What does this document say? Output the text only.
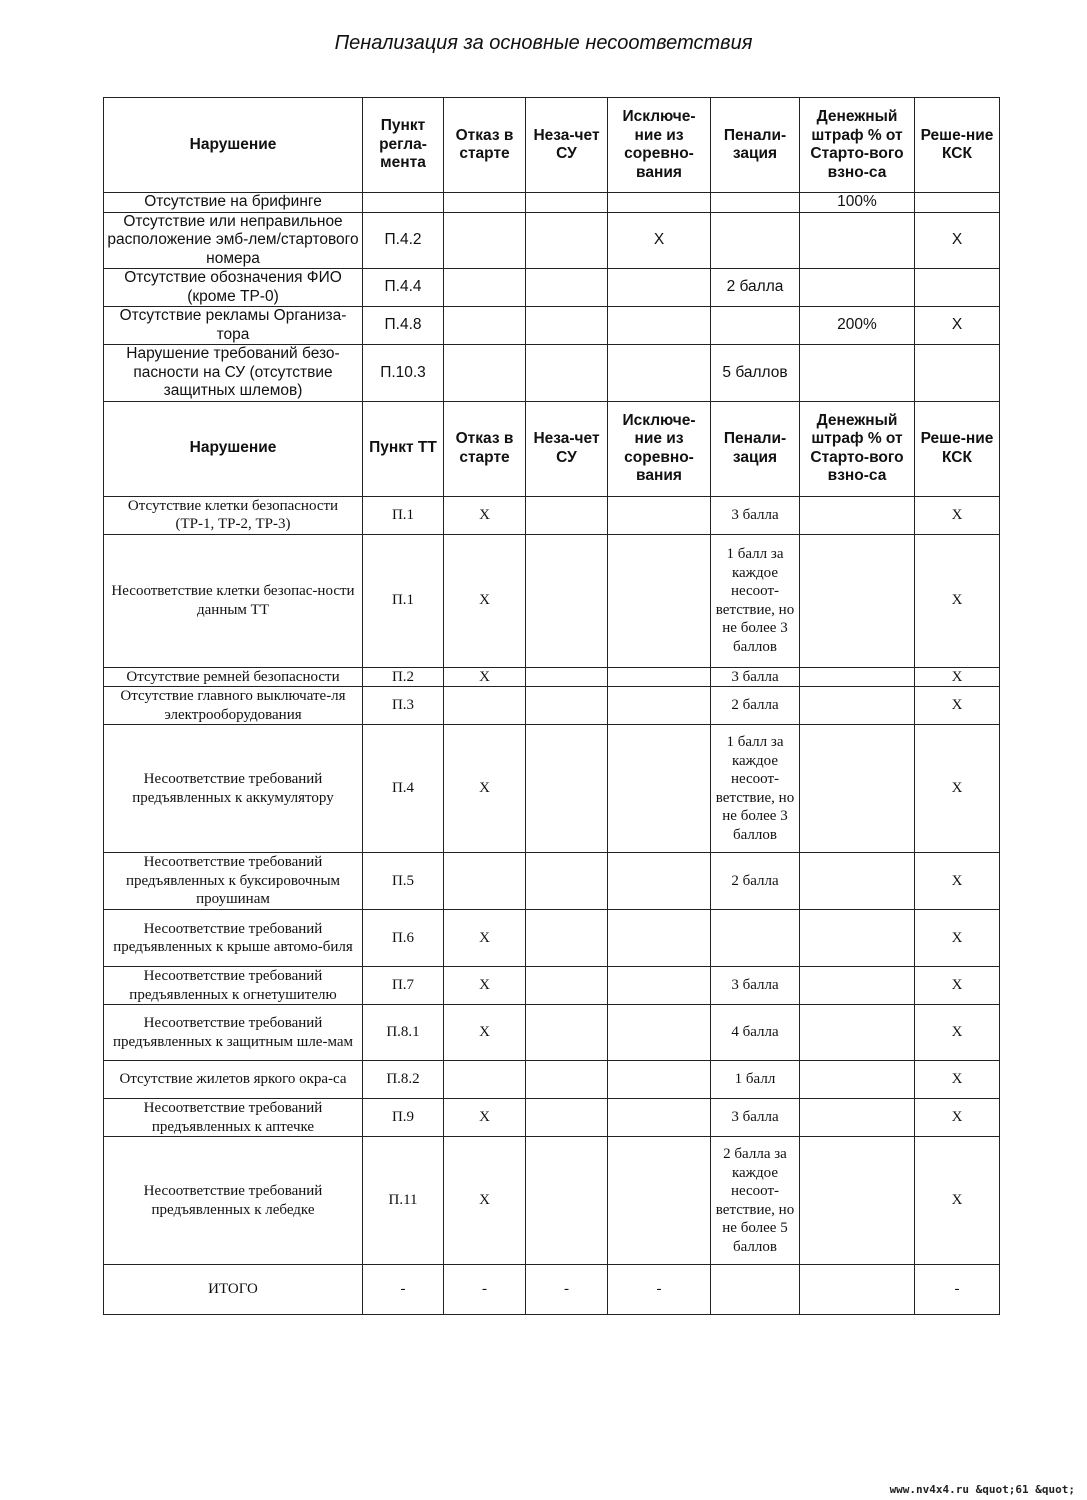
Пенализация за основные несоответствия
Нарушение	Пункт регла-мента	Отказ в старте	Неза-чет СУ	Исключе-ние из соревно-вания	Пенали-зация	Денежный штраф % от Старто-вого взно-са	Реше-ние КСК
Отсутствие на брифинге						100%	
Отсутствие или неправильное расположение эмб-лем/стартового номера	П.4.2			X			X
Отсутствие обозначения ФИО (кроме ТР-0)	П.4.4				2 балла		
Отсутствие рекламы Организа-тора	П.4.8					200%	X
Нарушение требований безо-пасности на СУ (отсутствие защитных шлемов)	П.10.3				5 баллов		
Нарушение	Пункт ТТ	Отказ в старте	Неза-чет СУ	Исключе-ние из соревно-вания	Пенали-зация	Денежный штраф % от Старто-вого взно-са	Реше-ние КСК
Отсутствие клетки безопасности (ТР-1, ТР-2, ТР-3)	П.1	X			3 балла		X
Несоответствие клетки безопас-ности данным ТТ	П.1	X			1 балл за каждое несоот-ветствие, но не более 3 баллов		X
Отсутствие ремней безопасности	П.2	X			3 балла		X
Отсутствие главного выключате-ля электрооборудования	П.3				2 балла		X
Несоответствие требований предъявленных к аккумулятору	П.4	X			1 балл за каждое несоот-ветствие, но не более 3 баллов		X
Несоответствие требований предъявленных к буксировочным проушинам	П.5				2 балла		X
Несоответствие требований предъявленных к крыше автомо-биля	П.6	X					X
Несоответствие требований предъявленных к огнетушителю	П.7	X			3 балла		X
Несоответствие требований предъявленных к защитным шле-мам	П.8.1	X			4 балла		X
Отсутствие жилетов яркого окра-са	П.8.2				1 балл		X
Несоответствие требований предъявленных к аптечке	П.9	X			3 балла		X
Несоответствие требований предъявленных к лебедке	П.11	X			2 балла за каждое несоот-ветствие, но не более 5 баллов		X
ИТОГО	-	-	-	-			-
www.nv4x4.ru &quot;61 &quot;
